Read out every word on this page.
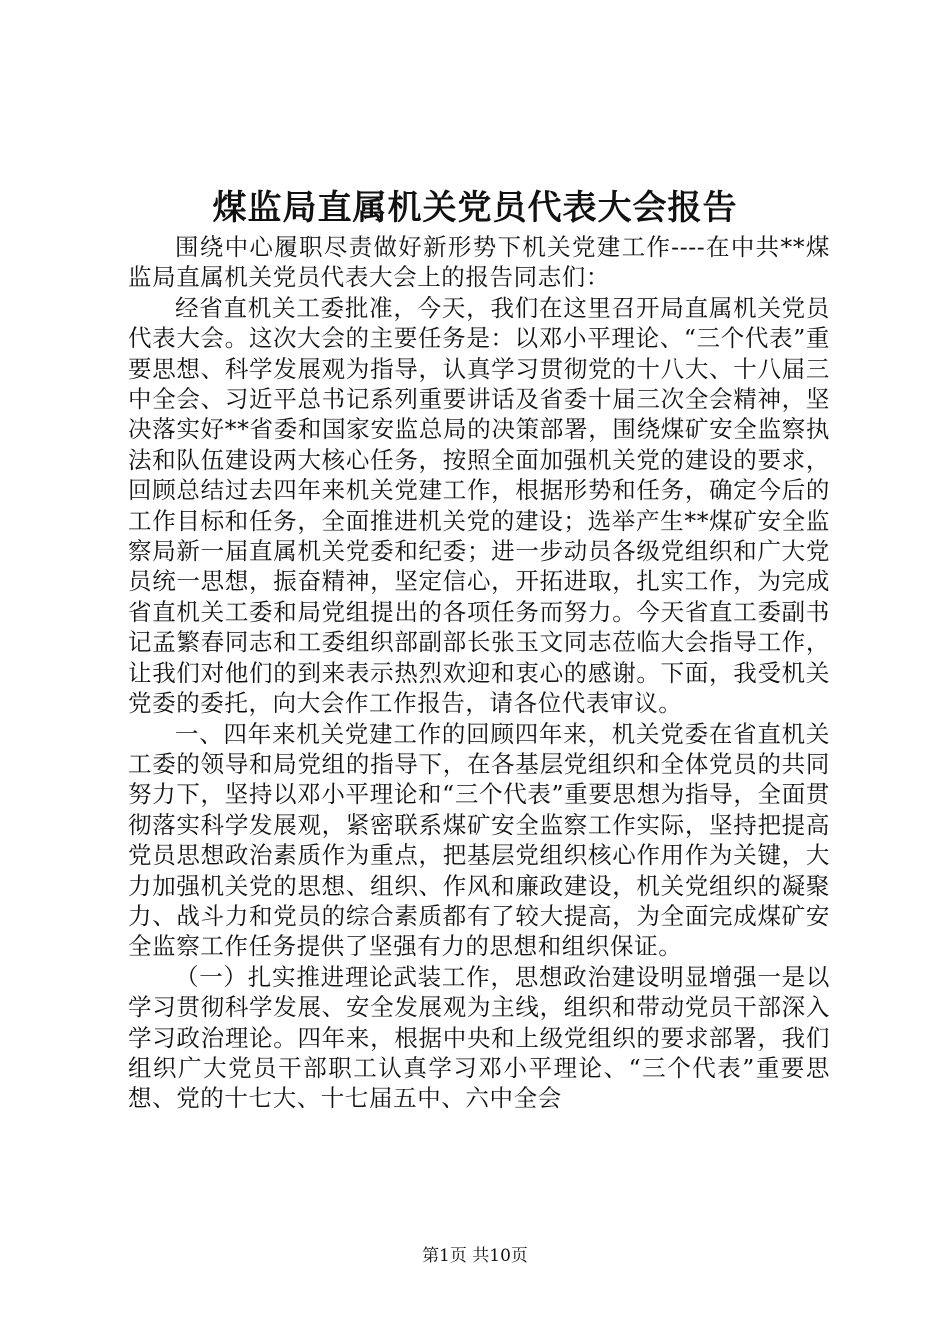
煤监局直属机关党员代表大会报告

围绕中心履职尽责做好新形势下机关党建工作----在中共**煤监局直属机关党员代表大会上的报告同志们：

经省直机关工委批准，今天，我们在这里召开局直属机关党员代表大会。这次大会的主要任务是：以邓小平理论、“三个代表”重要思想、科学发展观为指导，认真学习贯彻党的十八大、十八届三中全会、习近平总书记系列重要讲话及省委十届三次全会精神，坚决落实好**省委和国家安监总局的决策部署，围绕煤矿安全监察执法和队伍建设两大核心任务，按照全面加强机关党的建设的要求，回顾总结过去四年来机关党建工作，根据形势和任务，确定今后的工作目标和任务，全面推进机关党的建设；选举产生**煤矿安全监察局新一届直属机关党委和纪委；进一步动员各级党组织和广大党员统一思想，振奋精神，坚定信心，开拓进取，扎实工作，为完成省直机关工委和局党组提出的各项任务而努力。今天省直工委副书记孟繁春同志和工委组织部副部长张玉文同志莅临大会指导工作，让我们对他们的到来表示热烈欢迎和衷心的感谢。下面，我受机关党委的委托，向大会作工作报告，请各位代表审议。

一、四年来机关党建工作的回顾四年来，机关党委在省直机关工委的领导和局党组的指导下，在各基层党组织和全体党员的共同努力下，坚持以邓小平理论和“三个代表”重要思想为指导，全面贯彻落实科学发展观，紧密联系煤矿安全监察工作实际，坚持把提高党员思想政治素质作为重点，把基层党组织核心作用作为关键，大力加强机关党的思想、组织、作风和廉政建设，机关党组织的凝聚力、战斗力和党员的综合素质都有了较大提高，为全面完成煤矿安全监察工作任务提供了坚强有力的思想和组织保证。

（一）扎实推进理论武装工作，思想政治建设明显增强一是以学习贯彻科学发展、安全发展观为主线，组织和带动党员干部深入学习政治理论。四年来，根据中央和上级党组织的要求部署，我们组织广大党员干部职工认真学习邓小平理论、“三个代表”重要思想、党的十七大、十七届五中、六中全会

第1页 共10页
